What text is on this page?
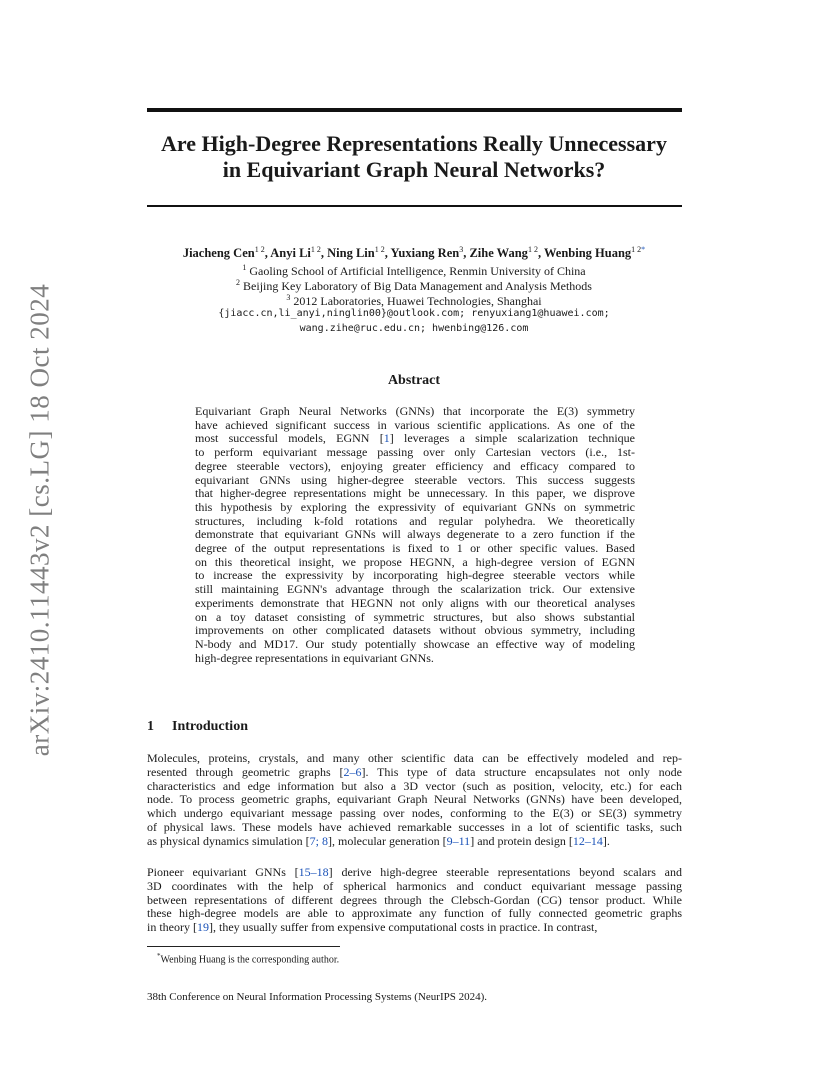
arXiv:2410.11443v2 [cs.LG] 18 Oct 2024
Are High-Degree Representations Really Unnecessary
in Equivariant Graph Neural Networks?
Jiacheng Cen$^{1 2}$, Anyi $Li^{1 2}$, Ning Lin$^{1 2}$, Yuxiang Ren$^3$, Zihe Wang$^{1 2}$, Wenbing Huang$^{1 2*}$
$^1$ Gaoling School of Artificial Intelligence, Renmin University of China
$^2$ Beijing Key Laboratory of Big Data Management and Analysis Methods
$^3$ 2012 Laboratories, Huawei Technologies, Shanghai
{jiacc.cn,li_anyi,ninglin00}@outlook.com; renyuxiang1@huawei.com;
wang.zihe@ruc.edu.cn; hwenbing@126.com
Abstract
Equivariant Graph Neural Networks (GNNs) that incorporate the E(3) symmetry
have achieved significant success in various scientific applications. As one of the
most successful models, EGNN [1] leverages a simple scalarization technique
to perform equivariant message passing over only Cartesian vectors (i.e., 1st-
degree steerable vectors), enjoying greater efficiency and efficacy compared to
equivariant GNNs using higher-degree steerable vectors. This success suggests
that higher-degree representations might be unnecessary. In this paper, we disprove
this hypothesis by exploring the expressivity of equivariant GNNs on symmetric
structures, including k-fold rotations and regular polyhedra. We theoretically
demonstrate that equivariant GNNs will always degenerate to a zero function if the
degree of the output representations is fixed to 1 or other specific values. Based
on this theoretical insight, we propose HEGNN, a high-degree version of EGNN
to increase the expressivity by incorporating high-degree steerable vectors while
still maintaining EGNN's advantage through the scalarization trick. Our extensive
experiments demonstrate that HEGNN not only aligns with our theoretical analyses
on a toy dataset consisting of symmetric structures, but also shows substantial
improvements on other complicated datasets without obvious symmetry, including
N-body and MD17. Our study potentially showcase an effective way of modeling
high-degree representations in equivariant GNNs.
1 Introduction
Molecules, proteins, crystals, and many other scientific data can be effectively modeled and rep-
resented through geometric graphs [2–6]. This type of data structure encapsulates not only node
characteristics and edge information but also a 3D vector (such as position, velocity, etc.) for each
node. To process geometric graphs, equivariant Graph Neural Networks (GNNs) have been developed,
which undergo equivariant message passing over nodes, conforming to the E(3) or SE(3) symmetry
of physical laws. These models have achieved remarkable successes in a lot of scientific tasks, such
as physical dynamics simulation [7; 8], molecular generation [9–11] and protein design [12–14].
Pioneer equivariant GNNs [15–18] derive high-degree steerable representations beyond scalars and
3D coordinates with the help of spherical harmonics and conduct equivariant message passing
between representations of different degrees through the Clebsch-Gordan (CG) tensor product. While
these high-degree models are able to approximate any function of fully connected geometric graphs
in theory [19], they usually suffer from expensive computational costs in practice. In contrast,
*Wenbing Huang is the corresponding author.
38th Conference on Neural Information Processing Systems (NeurIPS 2024).
